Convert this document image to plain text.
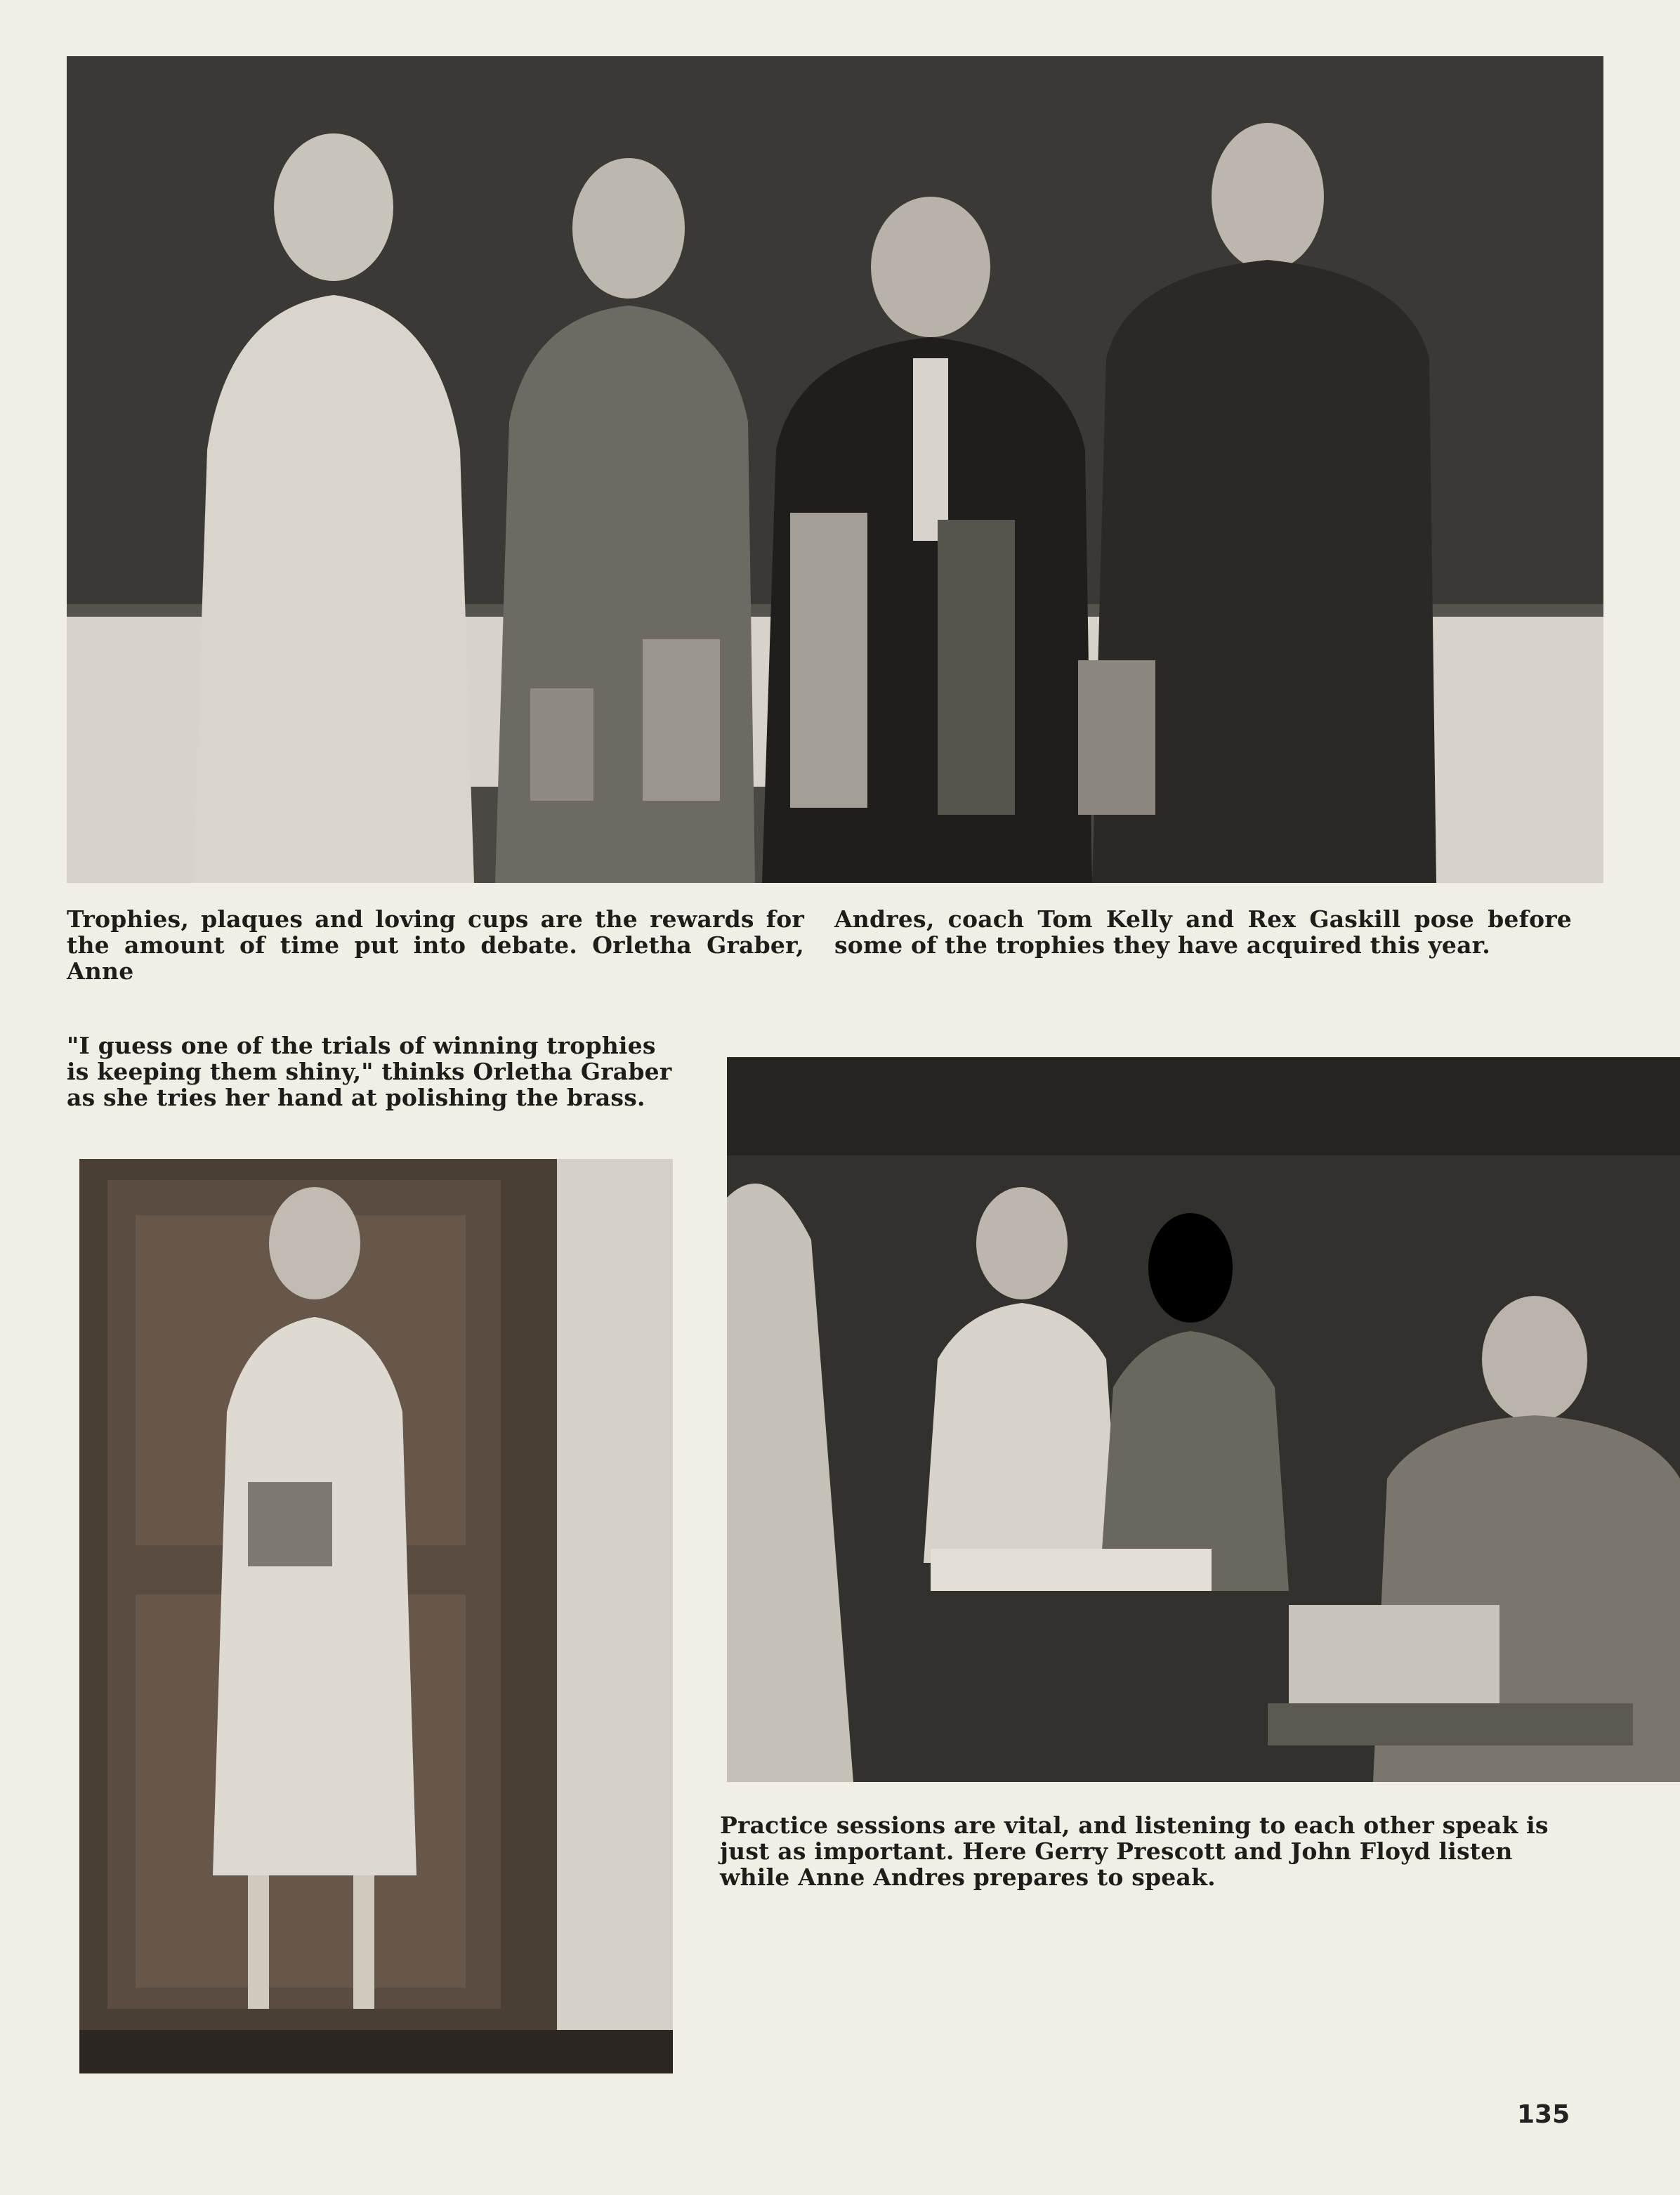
Trophies, plaques and loving cups are the rewards for the amount of time put into debate. Orletha Graber, Anne

Andres, coach Tom Kelly and Rex Gaskill pose before some of the trophies they have acquired this year.

"I guess one of the trials of winning trophies is keeping them shiny," thinks Orletha Graber as she tries her hand at polishing the brass.

Practice sessions are vital, and listening to each other speak is just as important. Here Gerry Prescott and John Floyd listen while Anne Andres prepares to speak.

135
